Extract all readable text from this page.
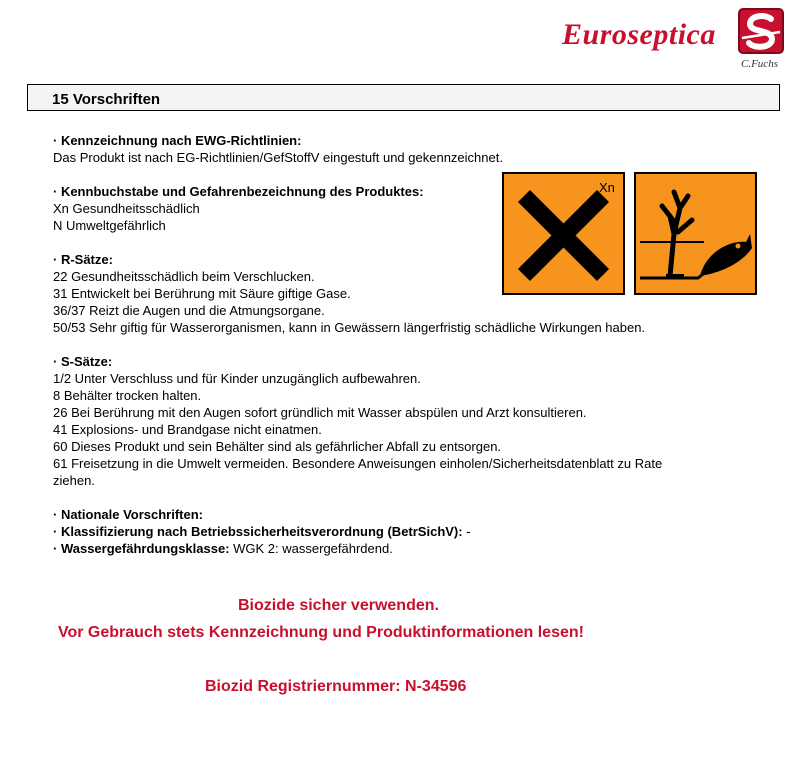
Euroseptica
C.Fuchs
15 Vorschriften
Xn
· Kennzeichnung nach EWG-Richtlinien:
Das Produkt ist nach EG-Richtlinien/GefStoffV eingestuft und gekennzeichnet.
· Kennbuchstabe und Gefahrenbezeichnung des Produktes:
Xn Gesundheitsschädlich
N Umweltgefährlich
· R-Sätze:
22 Gesundheitsschädlich beim Verschlucken.
31 Entwickelt bei Berührung mit Säure giftige Gase.
36/37 Reizt die Augen und die Atmungsorgane.
50/53 Sehr giftig für Wasserorganismen, kann in Gewässern längerfristig schädliche Wirkungen haben.
· S-Sätze:
1/2 Unter Verschluss und für Kinder unzugänglich aufbewahren.
8 Behälter trocken halten.
26 Bei Berührung mit den Augen sofort gründlich mit Wasser abspülen und Arzt konsultieren.
41 Explosions- und Brandgase nicht einatmen.
60 Dieses Produkt und sein Behälter sind als gefährlicher Abfall zu entsorgen.
61 Freisetzung in die Umwelt vermeiden. Besondere Anweisungen einholen/Sicherheitsdatenblatt zu Rate ziehen.
· Nationale Vorschriften:
· Klassifizierung nach Betriebssicherheitsverordnung (BetrSichV): -
· Wassergefährdungsklasse: WGK 2: wassergefährdend.
Biozide sicher verwenden.
Vor Gebrauch stets Kennzeichnung und Produktinformationen lesen!
Biozid Registriernummer: N-34596
